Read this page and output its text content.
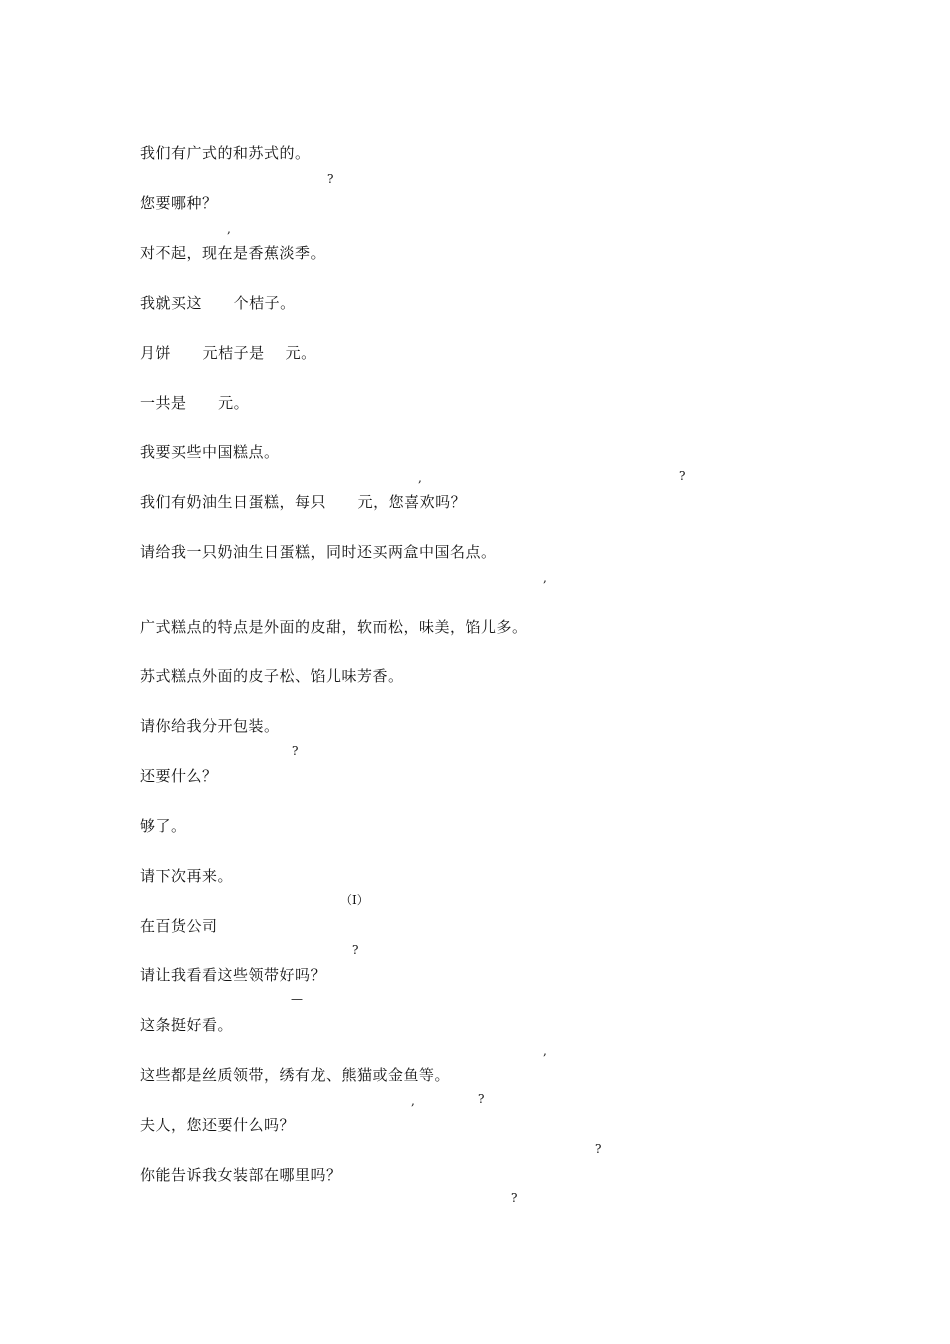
我们有广式的和苏式的。
?
您要哪种？
,
对不起，现在是香蕉淡季。
我就买这      个桔子。
月饼      元桔子是    元。
一共是      元。
我要买些中国糕点。
,	?
我们有奶油生日蛋糕，每只      元，您喜欢吗？
请给我一只奶油生日蛋糕，同时还买两盒中国名点。
,
广式糕点的特点是外面的皮甜，软而松，味美，馅儿多。
苏式糕点外面的皮子松、馅儿味芳香。
请你给我分开包装。
?
还要什么？
够了。
请下次再来。
（Ⅰ）
在百货公司
?
请让我看看这些领带好吗？
—
这条挺好看。
,
这些都是丝质领带，绣有龙、熊猫或金鱼等。
,	?
夫人，您还要什么吗？
?
你能告诉我女装部在哪里吗？
?
